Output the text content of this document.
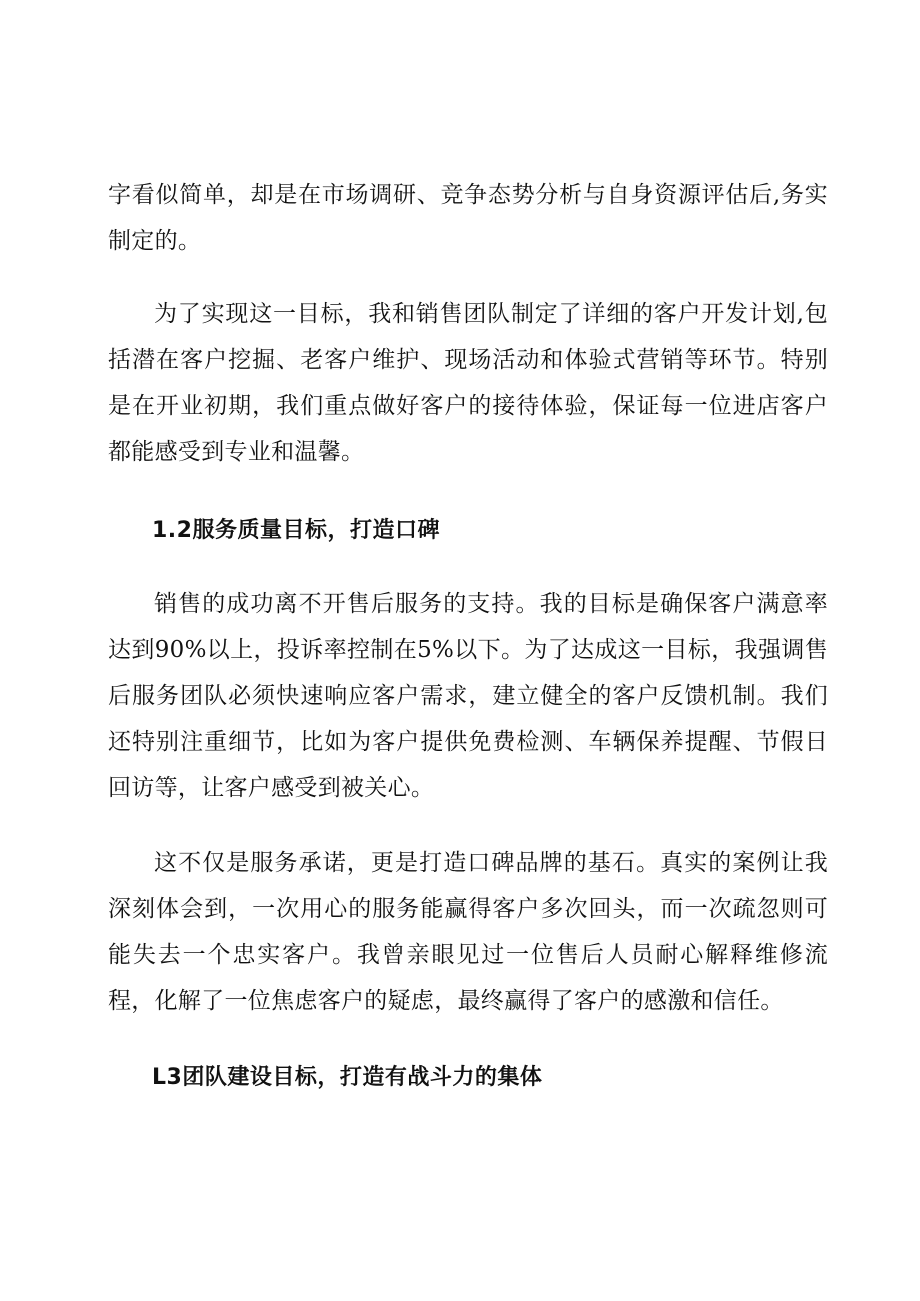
字看似简单，却是在市场调研、竞争态势分析与自身资源评估后,务实制定的。

为了实现这一目标，我和销售团队制定了详细的客户开发计划,包括潜在客户挖掘、老客户维护、现场活动和体验式营销等环节。特别是在开业初期，我们重点做好客户的接待体验，保证每一位进店客户都能感受到专业和温馨。

1.2服务质量目标，打造口碑

销售的成功离不开售后服务的支持。我的目标是确保客户满意率达到90%以上，投诉率控制在5%以下。为了达成这一目标，我强调售后服务团队必须快速响应客户需求，建立健全的客户反馈机制。我们还特别注重细节，比如为客户提供免费检测、车辆保养提醒、节假日回访等，让客户感受到被关心。

这不仅是服务承诺，更是打造口碑品牌的基石。真实的案例让我深刻体会到，一次用心的服务能赢得客户多次回头，而一次疏忽则可能失去一个忠实客户。我曾亲眼见过一位售后人员耐心解释维修流程，化解了一位焦虑客户的疑虑，最终赢得了客户的感激和信任。

L3团队建设目标，打造有战斗力的集体
